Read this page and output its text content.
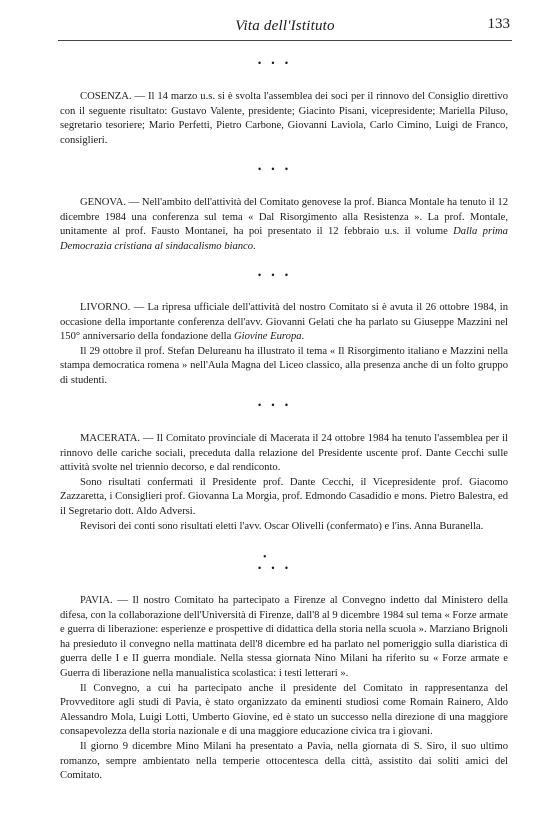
Vita dell'Istituto	133
• • •

COSENZA. — Il 14 marzo u.s. si è svolta l'assemblea dei soci per il rinnovo del Consiglio direttivo con il seguente risultato: Gustavo Valente, presidente; Giacinto Pisani, vicepresidente; Mariella Piluso, segretario tesoriere; Mario Perfetti, Pietro Carbone, Giovanni Laviola, Carlo Cimino, Luigi de Franco, consiglieri.

• • •

GENOVA. — Nell'ambito dell'attività del Comitato genovese la prof. Bianca Montale ha tenuto il 12 dicembre 1984 una conferenza sul tema « Dal Risorgimento alla Resistenza ». La prof. Montale, unitamente al prof. Fausto Montanei, ha poi presentato il 12 febbraio u.s. il volume Dalla prima Democrazia cristiana al sindacalismo bianco.

• • •

LIVORNO. — La ripresa ufficiale dell'attività del nostro Comitato si è avuta il 26 ottobre 1984, in occasione della importante conferenza dell'avv. Giovanni Gelati che ha parlato su Giuseppe Mazzini nel 150° anniversario della fondazione della Giovine Europa.

Il 29 ottobre il prof. Stefan Delureanu ha illustrato il tema « Il Risorgimento italiano e Mazzini nella stampa democratica romena » nell'Aula Magna del Liceo classico, alla presenza anche di un folto gruppo di studenti.

• • •

MACERATA. — Il Comitato provinciale di Macerata il 24 ottobre 1984 ha tenuto l'assemblea per il rinnovo delle cariche sociali, preceduta dalla relazione del Presidente uscente prof. Dante Cecchi sulle attività svolte nel triennio decorso, e dal rendiconto.

Sono risultati confermati il Presidente prof. Dante Cecchi, il Vicepresidente prof. Giacomo Zazzaretta, i Consiglieri prof. Giovanna La Morgia, prof. Edmondo Casadidio e mons. Pietro Balestra, ed il Segretario dott. Aldo Adversi.

Revisori dei conti sono risultati eletti l'avv. Oscar Olivelli (confermato) e l'ins. Anna Buranella.

•
• • •

PAVIA. — Il nostro Comitato ha partecipato a Firenze al Convegno indetto dal Ministero della difesa, con la collaborazione dell'Università di Firenze, dall'8 al 9 dicembre 1984 sul tema « Forze armate e guerra di liberazione: esperienze e prospettive di didattica della storia nella scuola ». Marziano Brignoli ha presieduto il convegno nella mattinata dell'8 dicembre ed ha parlato nel pomeriggio sulla diaristica di guerra delle I e II guerra mondiale. Nella stessa giornata Nino Milani ha riferito su « Forze armate e Guerra di liberazione nella manualistica scolastica: i testi letterari ».

Il Convegno, a cui ha partecipato anche il presidente del Comitato in rappresentanza del Provveditore agli studi di Pavia, è stato organizzato da eminenti studiosi come Romain Rainero, Aldo Alessandro Mola, Luigi Lotti, Umberto Giovine, ed è stato un successo nella direzione di una maggiore consapevolezza della storia nazionale e di una maggiore educazione civica tra i giovani.

Il giorno 9 dicembre Mino Milani ha presentato a Pavia, nella giornata di S. Siro, il suo ultimo romanzo, sempre ambientato nella temperie ottocentesca della città, assistito dai soliti amici del Comitato.
